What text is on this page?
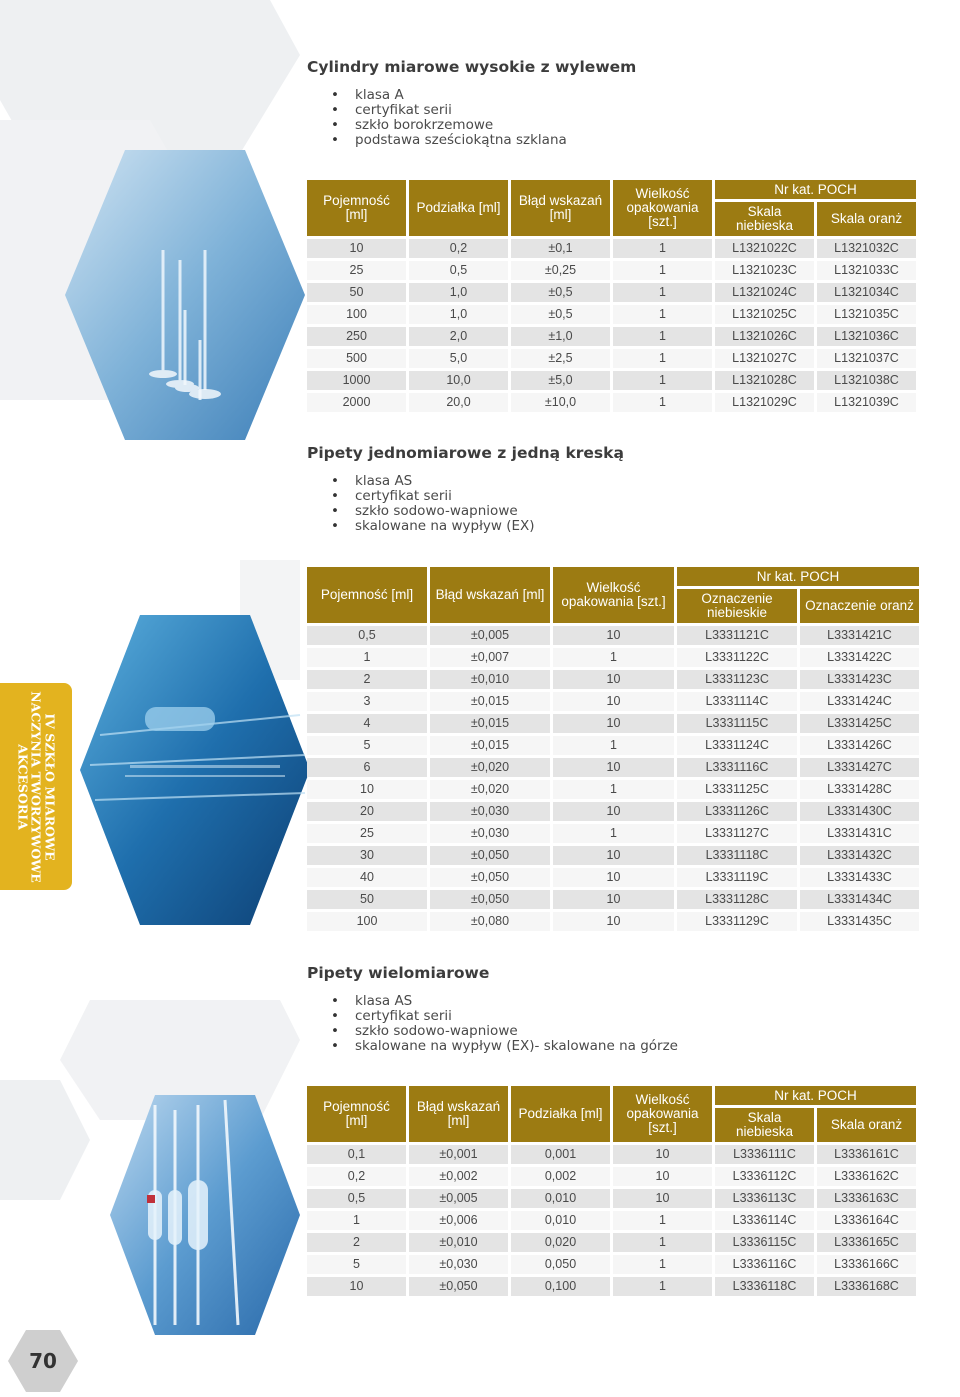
IV SZKŁO MIAROWE
NACZYNIA TWORZYWOWE
AKCESORIA
70
Cylindry miarowe wysokie z wylewem
• klasa A
• certyfikat serii
• szkło borokrzemowe
• podstawa sześciokątna szklana
Pojemność [ml]	Podziałka [ml]	Błąd wskazań [ml]	Wielkość opakowania [szt.]	Nr kat. POCH	
				Skala niebieska	Skala oranż
10	0,2	±0,1	1	L1321022C	L1321032C
25	0,5	±0,25	1	L1321023C	L1321033C
50	1,0	±0,5	1	L1321024C	L1321034C
100	1,0	±0,5	1	L1321025C	L1321035C
250	2,0	±1,0	1	L1321026C	L1321036C
500	5,0	±2,5	1	L1321027C	L1321037C
1000	10,0	±5,0	1	L1321028C	L1321038C
2000	20,0	±10,0	1	L1321029C	L1321039C
Pipety jednomiarowe z jedną kreską
• klasa AS
• certyfikat serii
• szkło sodowo-wapniowe
• skalowane na wypływ (EX)
Pojemność [ml]	Błąd wskazań [ml]	Wielkość opakowania [szt.]	Nr kat. POCH	
			Oznaczenie niebieskie	Oznaczenie oranż
0,5	±0,005	10	L3331121C	L3331421C
1	±0,007	1	L3331122C	L3331422C
2	±0,010	10	L3331123C	L3331423C
3	±0,015	10	L3331114C	L3331424C
4	±0,015	10	L3331115C	L3331425C
5	±0,015	1	L3331124C	L3331426C
6	±0,020	10	L3331116C	L3331427C
10	±0,020	1	L3331125C	L3331428C
20	±0,030	10	L3331126C	L3331430C
25	±0,030	1	L3331127C	L3331431C
30	±0,050	10	L3331118C	L3331432C
40	±0,050	10	L3331119C	L3331433C
50	±0,050	10	L3331128C	L3331434C
100	±0,080	10	L3331129C	L3331435C
Pipety wielomiarowe
• klasa AS
• certyfikat serii
• szkło sodowo-wapniowe
• skalowane na wypływ (EX)- skalowane na górze
Pojemność [ml]	Błąd wskazań [ml]	Podziałka [ml]	Wielkość opakowania [szt.]	Nr kat. POCH	
				Skala niebieska	Skala oranż
0,1	±0,001	0,001	10	L3336111C	L3336161C
0,2	±0,002	0,002	10	L3336112C	L3336162C
0,5	±0,005	0,010	10	L3336113C	L3336163C
1	±0,006	0,010	1	L3336114C	L3336164C
2	±0,010	0,020	1	L3336115C	L3336165C
5	±0,030	0,050	1	L3336116C	L3336166C
10	±0,050	0,100	1	L3336118C	L3336168C
